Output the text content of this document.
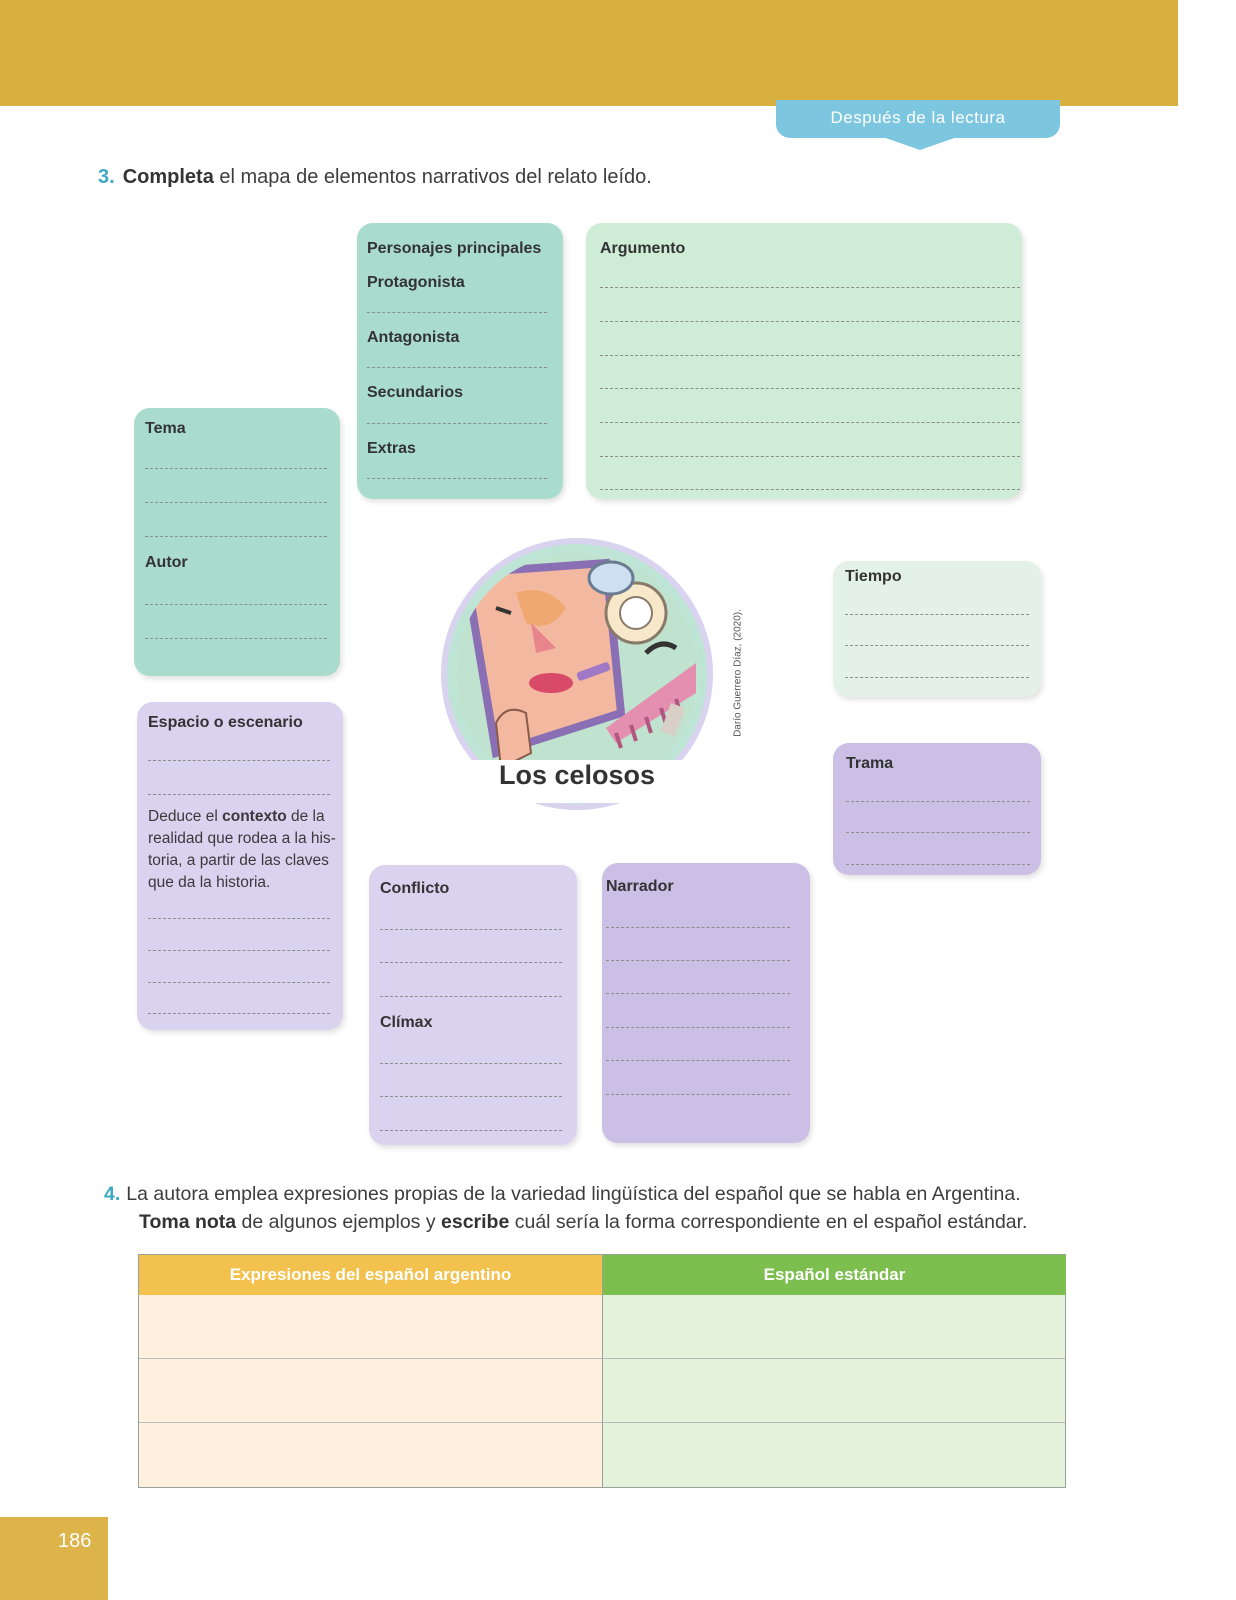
Después de la lectura
3. Completa el mapa de elementos narrativos del relato leído.
Personajes principales
Protagonista
Antagonista
Secundarios
Extras
Argumento
Tema
Autor
Tiempo
Los celosos
Darío Guerrero Díaz, (2020).
Espacio o escenario
Deduce el contexto de la
realidad que rodea a la his-
toria, a partir de las claves
que da la historia.
Trama
Conflicto
Clímax
Narrador
4. La autora emplea expresiones propias de la variedad lingüística del español que se habla en Argentina.
Toma nota de algunos ejemplos y escribe cuál sería la forma correspondiente en el español estándar.
Expresiones del español argentino	Español estándar
186
